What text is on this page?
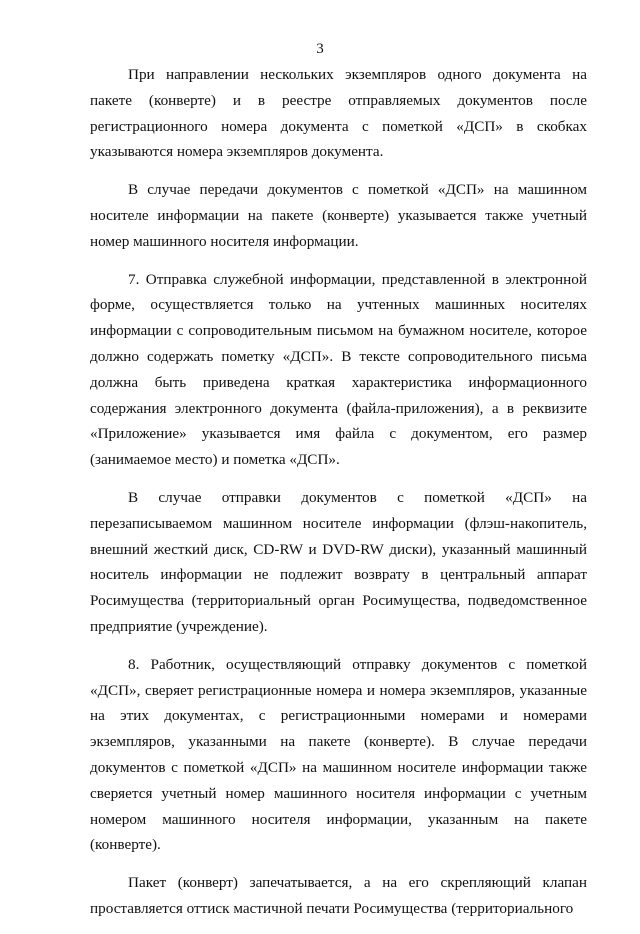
3

При направлении нескольких экземпляров одного документа на пакете (конверте) и в реестре отправляемых документов после регистрационного номера документа с пометкой «ДСП» в скобках указываются номера экземпляров документа.

В случае передачи документов с пометкой «ДСП» на машинном носителе информации на пакете (конверте) указывается также учетный номер машинного носителя информации.

7. Отправка служебной информации, представленной в электронной форме, осуществляется только на учтенных машинных носителях информации с сопроводительным письмом на бумажном носителе, которое должно содержать пометку «ДСП». В тексте сопроводительного письма должна быть приведена краткая характеристика информационного содержания электронного документа (файла-приложения), а в реквизите «Приложение» указывается имя файла с документом, его размер (занимаемое место) и пометка «ДСП».

В случае отправки документов с пометкой «ДСП» на перезаписываемом машинном носителе информации (флэш-накопитель, внешний жесткий диск, CD-RW и DVD-RW диски), указанный машинный носитель информации не подлежит возврату в центральный аппарат Росимущества (территориальный орган Росимущества, подведомственное предприятие (учреждение).

8. Работник, осуществляющий отправку документов с пометкой «ДСП», сверяет регистрационные номера и номера экземпляров, указанные на этих документах, с регистрационными номерами и номерами экземпляров, указанными на пакете (конверте). В случае передачи документов с пометкой «ДСП» на машинном носителе информации также сверяется учетный номер машинного носителя информации с учетным номером машинного носителя информации, указанным на пакете (конверте).

Пакет (конверт) запечатывается, а на его скрепляющий клапан проставляется оттиск мастичной печати Росимущества (территориального
